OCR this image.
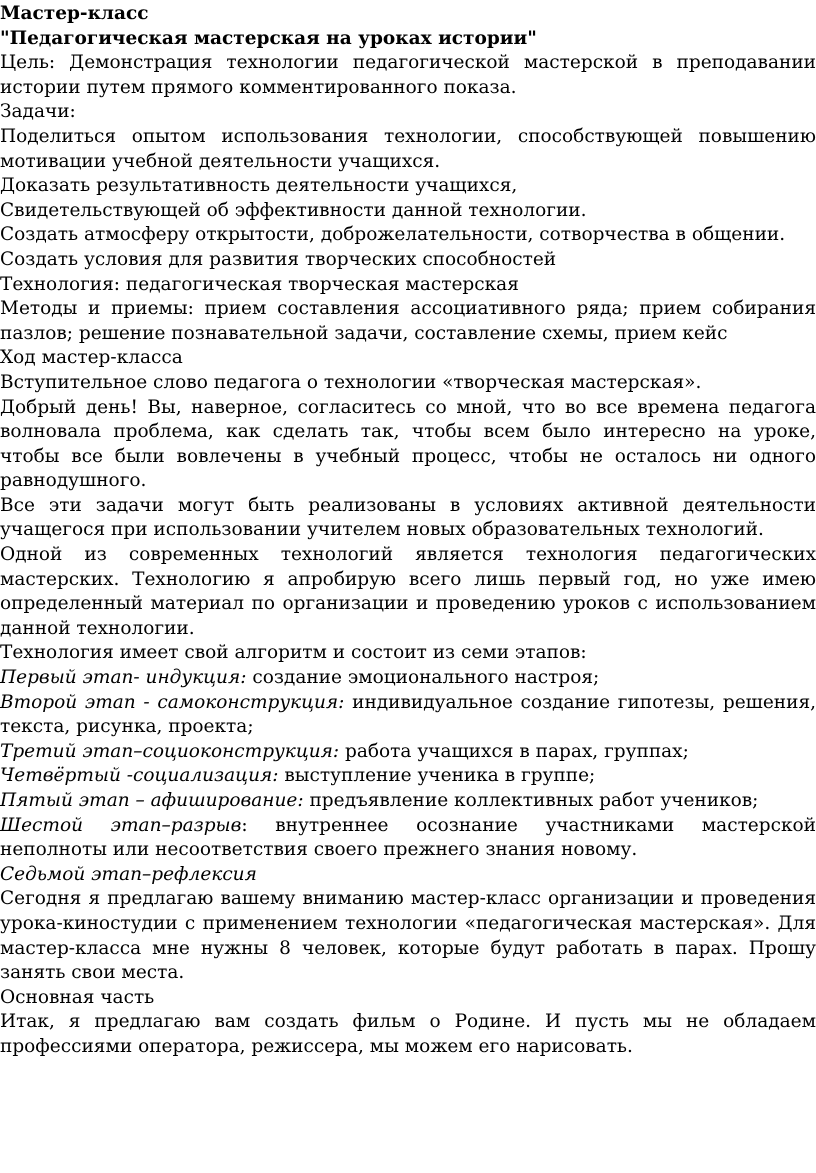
Мастер-класс

"Педагогическая мастерская на уроках истории"

Цель: Демонстрация технологии педагогической мастерской в преподавании истории путем прямого комментированного показа.

Задачи:

Поделиться опытом использования технологии, способствующей повышению мотивации учебной деятельности учащихся.

Доказать результативность деятельности учащихся,

Свидетельствующей об эффективности данной технологии.

Создать атмосферу открытости, доброжелательности, сотворчества в общении.

Создать условия для развития творческих способностей

Технология: педагогическая творческая мастерская

Методы и приемы: прием составления ассоциативного ряда; прием собирания пазлов; решение познавательной задачи, составление схемы, прием кейс

Ход мастер-класса

Вступительное слово педагога о технологии «творческая мастерская».

Добрый день! Вы, наверное, согласитесь со мной, что во все времена педагога волновала проблема, как сделать так, чтобы всем было интересно на уроке, чтобы все были вовлечены в учебный процесс, чтобы не осталось ни одного равнодушного.

Все эти задачи могут быть реализованы в условиях активной деятельности учащегося при использовании учителем новых образовательных технологий.

Одной из современных технологий является технология педагогических мастерских. Технологию я апробирую всего лишь первый год, но уже имею определенный материал по организации и проведению уроков с использованием данной технологии.

Технология имеет свой алгоритм и состоит из семи этапов:

Первый этап- индукция: создание эмоционального настроя;

Второй этап - самоконструкция: индивидуальное создание гипотезы, решения, текста, рисунка, проекта;

Третий этап–социоконструкция: работа учащихся в парах, группах;

Четвёртый -социализация: выступление ученика в группе;

Пятый этап – афиширование: предъявление коллективных работ учеников;

Шестой этап–разрыв: внутреннее осознание участниками мастерской неполноты или несоответствия своего прежнего знания новому.

Седьмой этап–рефлексия

Сегодня я предлагаю вашему вниманию мастер-класс организации и проведения урока-киностудии с применением технологии «педагогическая мастерская». Для мастер-класса мне нужны 8 человек, которые будут работать в парах. Прошу занять свои места.

Основная часть

Итак, я предлагаю вам создать фильм о Родине. И пусть мы не обладаем профессиями оператора, режиссера, мы можем его нарисовать.
